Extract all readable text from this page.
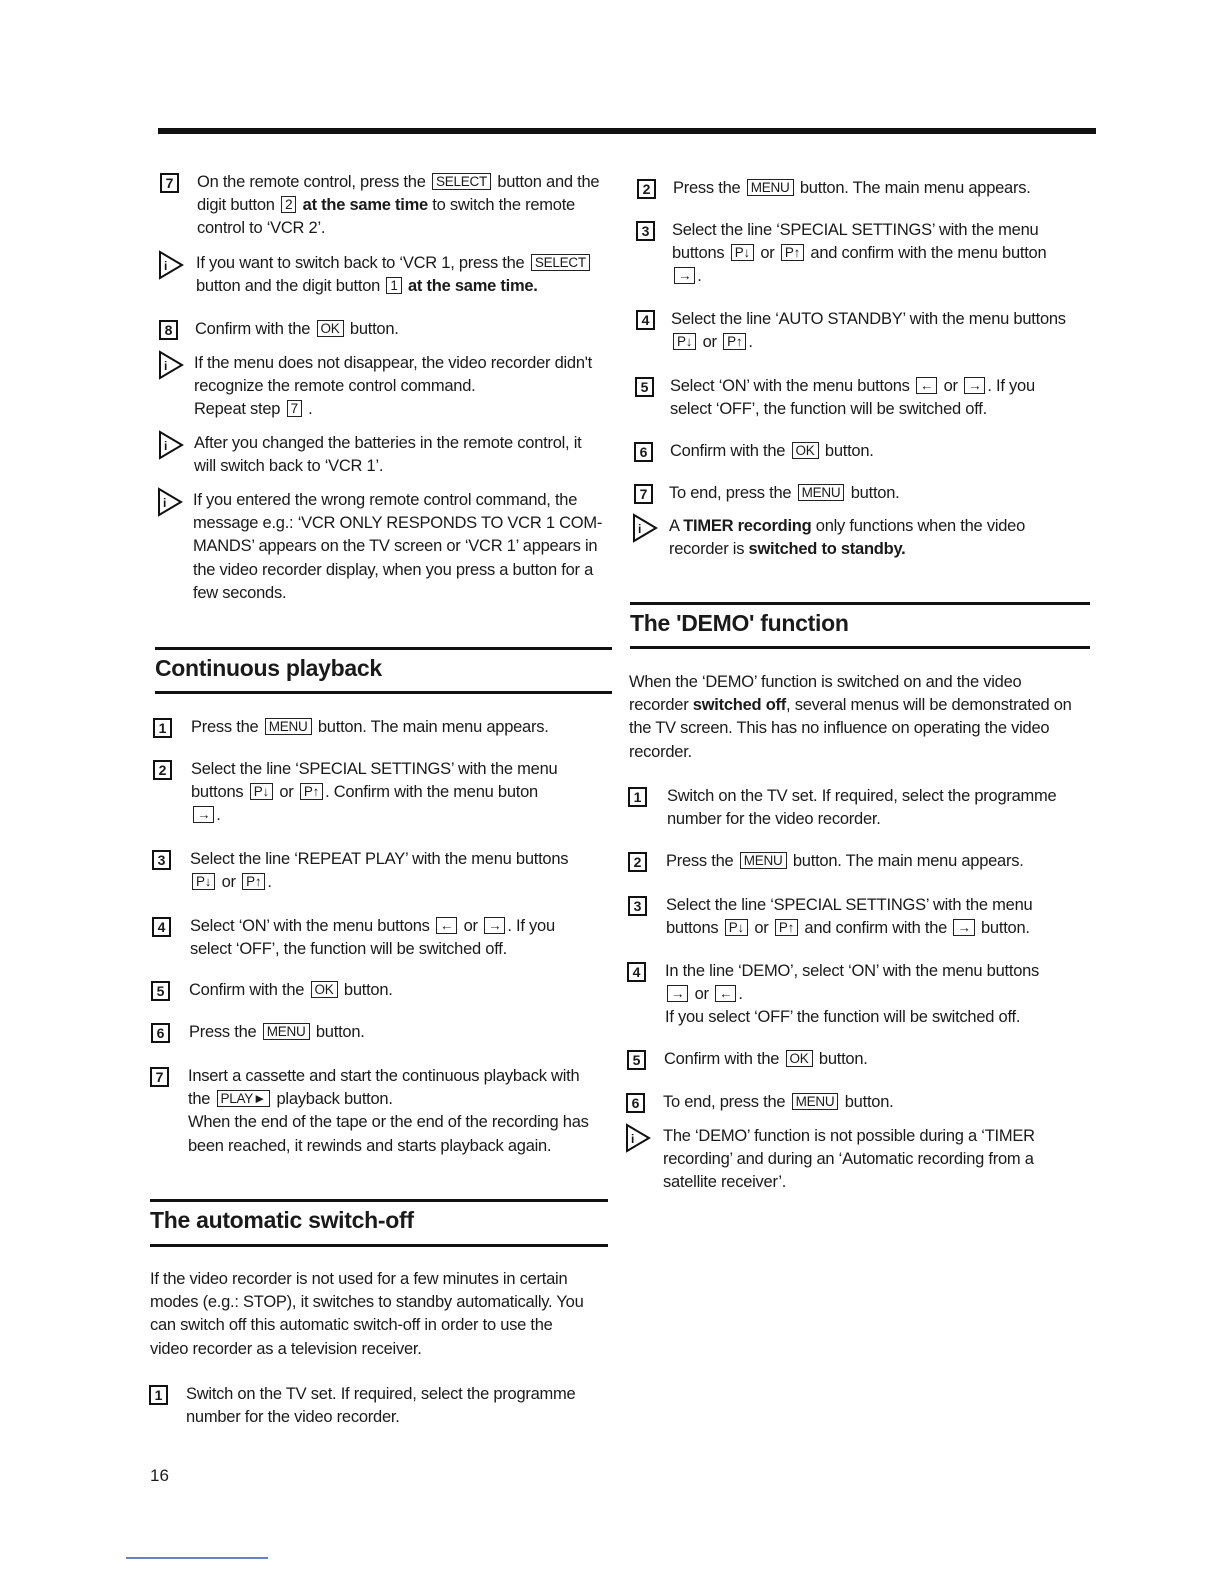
Continuous playback
The automatic switch-off
The 'DEMO' function
7	On the remote control, press the SELECT button and the
digit button 2 at the same time to switch the remote
control to ‘VCR 2’.
i If you want to switch back to ‘VCR 1, press the SELECT
button and the digit button 1 at the same time.
8	Confirm with the OK button.
i If the menu does not disappear, the video recorder didn't
recognize the remote control command.
Repeat step 7 .
i After you changed the batteries in the remote control, it
will switch back to ‘VCR 1’.
i If you entered the wrong remote control command, the
message e.g.: ‘VCR ONLY RESPONDS TO VCR 1 COM-
MANDS’ appears on the TV screen or ‘VCR 1’ appears in
the video recorder display, when you press a button for a
few seconds.
1	Press the MENU button. The main menu appears.
2	Select the line ‘SPECIAL SETTINGS’ with the menu
buttons P↓ or P↑ . Confirm with the menu buton
→ .
3	Select the line ‘REPEAT PLAY’ with the menu buttons
P↓ or P↑ .
4	Select ‘ON’ with the menu buttons ← or → . If you
select ‘OFF’, the function will be switched off.
5	Confirm with the OK button.
6	Press the MENU button.
7	Insert a cassette and start the continuous playback with
the PLAY► playback button.
When the end of the tape or the end of the recording has
been reached, it rewinds and starts playback again.
If the video recorder is not used for a few minutes in certain
modes (e.g.: STOP), it switches to standby automatically. You
can switch off this automatic switch-off in order to use the
video recorder as a television receiver.
1	Switch on the TV set. If required, select the programme
number for the video recorder.
2	Press the MENU button. The main menu appears.
3	Select the line ‘SPECIAL SETTINGS’ with the menu
buttons P↓ or P↑ and confirm with the menu button
→ .
4	Select the line ‘AUTO STANDBY’ with the menu buttons
P↓ or P↑ .
5	Select ‘ON’ with the menu buttons ← or → . If you
select ‘OFF’, the function will be switched off.
6	Confirm with the OK button.
7	To end, press the MENU button.
i A TIMER recording only functions when the video
recorder is switched to standby.
When the ‘DEMO’ function is switched on and the video
recorder switched off, several menus will be demonstrated on
the TV screen. This has no influence on operating the video
recorder.
1	Switch on the TV set. If required, select the programme
number for the video recorder.
2	Press the MENU button. The main menu appears.
3	Select the line ‘SPECIAL SETTINGS’ with the menu
buttons P↓ or P↑ and confirm with the → button.
4	In the line ‘DEMO’, select ‘ON’ with the menu buttons
→ or ← .
If you select ‘OFF’ the function will be switched off.
5	Confirm with the OK button.
6	To end, press the MENU button.
i The ‘DEMO’ function is not possible during a ‘TIMER
recording’ and during an ‘Automatic recording from a
satellite receiver’.
16
